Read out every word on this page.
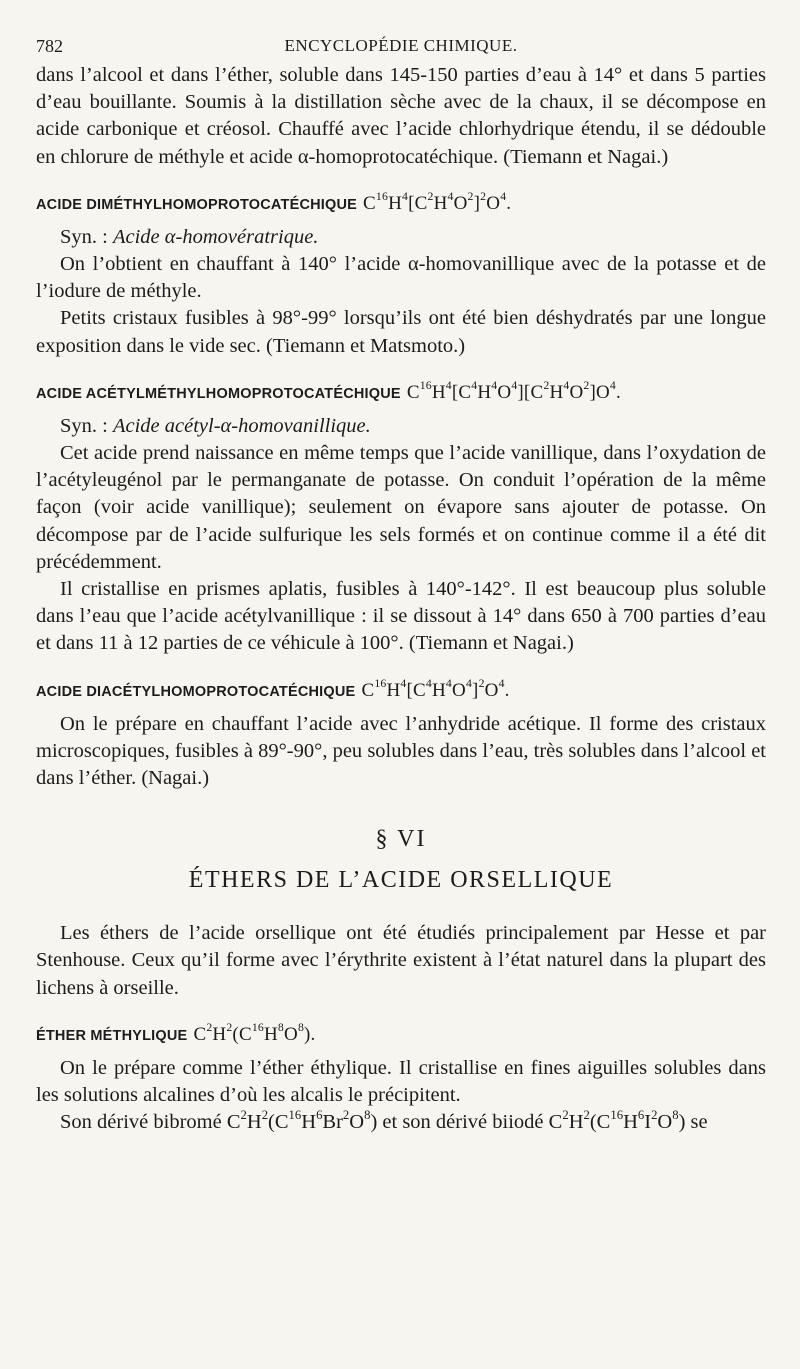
782	ENCYCLOPÉDIE CHIMIQUE.

dans l’alcool et dans l’éther, soluble dans 145-150 parties d’eau à 14° et dans 5 parties d’eau bouillante. Soumis à la distillation sèche avec de la chaux, il se décompose en acide carbonique et créosol. Chauffé avec l’acide chlorhydrique étendu, il se dédouble en chlorure de méthyle et acide α-homoprotocatéchique. (Tiemann et Nagai.)

ACIDE DIMÉTHYLHOMOPROTOCATÉCHIQUE $C^{16}H^4[C^2H^4O^2]^2O^4$.

Syn. : Acide α-homovératrique.

On l’obtient en chauffant à 140° l’acide α-homovanillique avec de la potasse et de l’iodure de méthyle.

Petits cristaux fusibles à 98°-99° lorsqu’ils ont été bien déshydratés par une longue exposition dans le vide sec. (Tiemann et Matsmoto.)

ACIDE ACÉTYLMÉTHYLHOMOPROTOCATÉCHIQUE $C^{16}H^4[C^4H^4O^4][C^2H^4O^2]O^4$.

Syn. : Acide acétyl-α-homovanillique.

Cet acide prend naissance en même temps que l’acide vanillique, dans l’oxydation de l’acétyleugénol par le permanganate de potasse. On conduit l’opération de la même façon (voir acide vanillique); seulement on évapore sans ajouter de potasse. On décompose par de l’acide sulfurique les sels formés et on continue comme il a été dit précédemment.

Il cristallise en prismes aplatis, fusibles à 140°-142°. Il est beaucoup plus soluble dans l’eau que l’acide acétylvanillique : il se dissout à 14° dans 650 à 700 parties d’eau et dans 11 à 12 parties de ce véhicule à 100°. (Tiemann et Nagai.)

ACIDE DIACÉTYLHOMOPROTOCATÉCHIQUE $C^{16}H^4[C^4H^4O^4]^2O^4$.

On le prépare en chauffant l’acide avec l’anhydride acétique. Il forme des cristaux microscopiques, fusibles à 89°-90°, peu solubles dans l’eau, très solubles dans l’alcool et dans l’éther. (Nagai.)

§ VI
ÉTHERS DE L’ACIDE ORSELLIQUE

Les éthers de l’acide orsellique ont été étudiés principalement par Hesse et par Stenhouse. Ceux qu’il forme avec l’érythrite existent à l’état naturel dans la plupart des lichens à orseille.

ÉTHER MÉTHYLIQUE $C^2H^2(C^{16}H^8O^8)$.

On le prépare comme l’éther éthylique. Il cristallise en fines aiguilles solubles dans les solutions alcalines d’où les alcalis le précipitent.

Son dérivé bibromé $C^2H^2(C^{16}H^6Br^2O^8)$ et son dérivé biiodé $C^2H^2(C^{16}H^6I^2O^8)$ se
